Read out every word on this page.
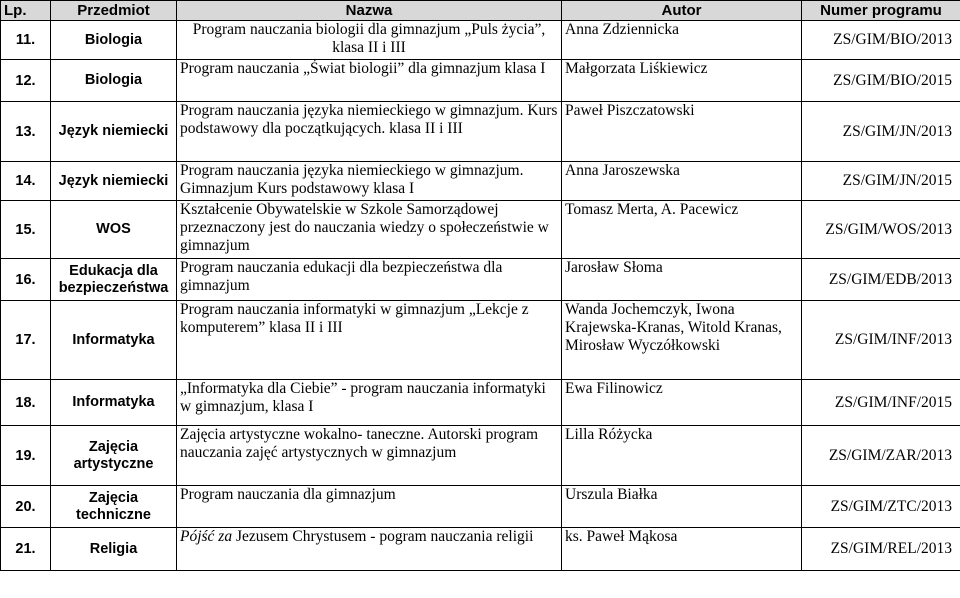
Lp.	Przedmiot	Nazwa	Autor	Numer programu
11.	Biologia	Program nauczania biologii dla gimnazjum „Puls życia”, klasa II i III	Anna Zdziennicka	ZS/GIM/BIO/2013
12.	Biologia	Program nauczania „Świat biologii” dla gimnazjum klasa I	Małgorzata Liśkiewicz	ZS/GIM/BIO/2015
13.	Język niemiecki	Program nauczania języka niemieckiego w gimnazjum. Kurs podstawowy dla początkujących. klasa II i III	Paweł Piszczatowski	ZS/GIM/JN/2013
14.	Język niemiecki	Program nauczania języka niemieckiego w gimnazjum. Gimnazjum Kurs podstawowy klasa I	Anna Jaroszewska	ZS/GIM/JN/2015
15.	WOS	Kształcenie Obywatelskie w Szkole Samorządowej przeznaczony jest do nauczania wiedzy o społeczeństwie w gimnazjum	Tomasz Merta, A. Pacewicz	ZS/GIM/WOS/2013
16.	Edukacja dla bezpieczeństwa	Program nauczania edukacji dla bezpieczeństwa dla gimnazjum	Jarosław Słoma	ZS/GIM/EDB/2013
17.	Informatyka	Program nauczania informatyki w gimnazjum „Lekcje z komputerem” klasa II i III	Wanda Jochemczyk, Iwona Krajewska-Kranas, Witold Kranas, Mirosław Wyczółkowski	ZS/GIM/INF/2013
18.	Informatyka	„Informatyka dla Ciebie” - program nauczania informatyki w gimnazjum, klasa I	Ewa Filinowicz	ZS/GIM/INF/2015
19.	Zajęcia artystyczne	Zajęcia artystyczne wokalno- taneczne. Autorski program nauczania zajęć artystycznych w gimnazjum	Lilla Różycka	ZS/GIM/ZAR/2013
20.	Zajęcia techniczne	Program nauczania dla gimnazjum	Urszula Białka	ZS/GIM/ZTC/2013
21.	Religia	Pójść za Jezusem Chrystusem - pogram nauczania religii	ks. Paweł Mąkosa	ZS/GIM/REL/2013
